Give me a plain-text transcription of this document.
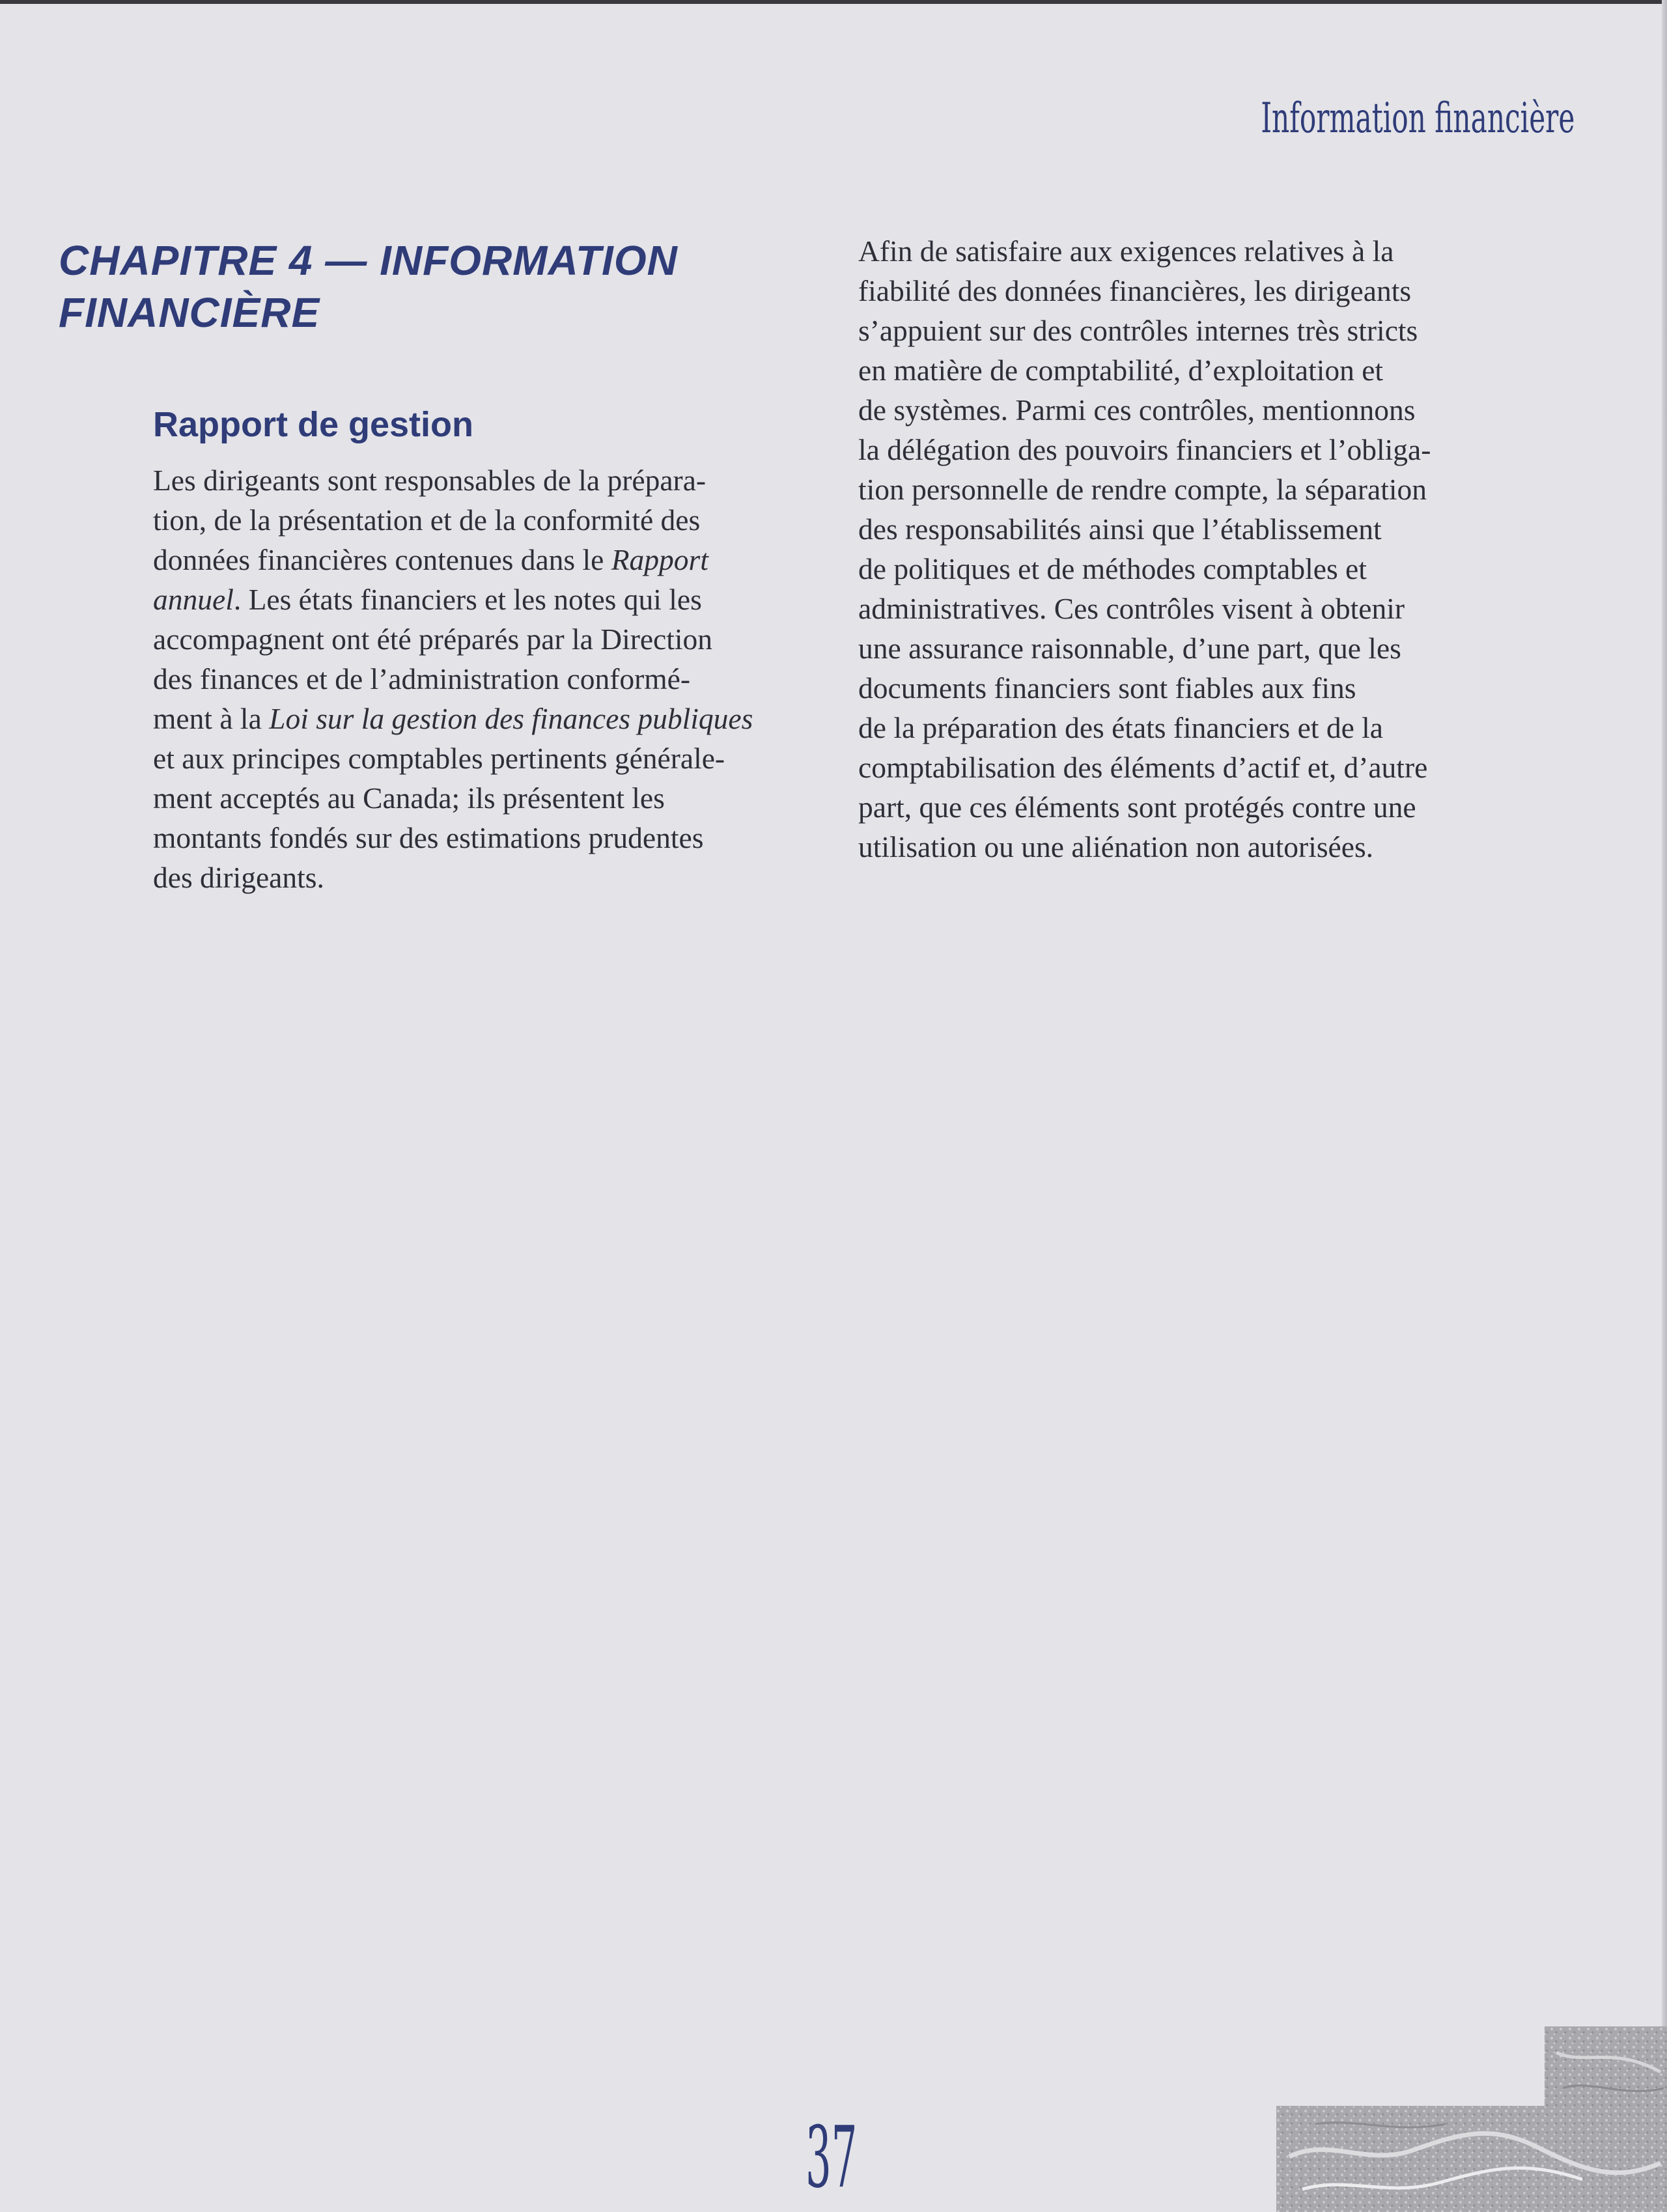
Information financière
CHAPITRE 4 — INFORMATION
FINANCIÈRE
Rapport de gestion
Les dirigeants sont responsables de la prépara-
tion, de la présentation et de la conformité des
données financières contenues dans le Rapport
annuel. Les états financiers et les notes qui les
accompagnent ont été préparés par la Direction
des finances et de l’administration conformé-
ment à la Loi sur la gestion des finances publiques
et aux principes comptables pertinents générale-
ment acceptés au Canada; ils présentent les
montants fondés sur des estimations prudentes
des dirigeants.
Afin de satisfaire aux exigences relatives à la
fiabilité des données financières, les dirigeants
s’appuient sur des contrôles internes très stricts
en matière de comptabilité, d’exploitation et
de systèmes. Parmi ces contrôles, mentionnons
la délégation des pouvoirs financiers et l’obliga-
tion personnelle de rendre compte, la séparation
des responsabilités ainsi que l’établissement
de politiques et de méthodes comptables et
administratives. Ces contrôles visent à obtenir
une assurance raisonnable, d’une part, que les
documents financiers sont fiables aux fins
de la préparation des états financiers et de la
comptabilisation des éléments d’actif et, d’autre
part, que ces éléments sont protégés contre une
utilisation ou une aliénation non autorisées.
37
